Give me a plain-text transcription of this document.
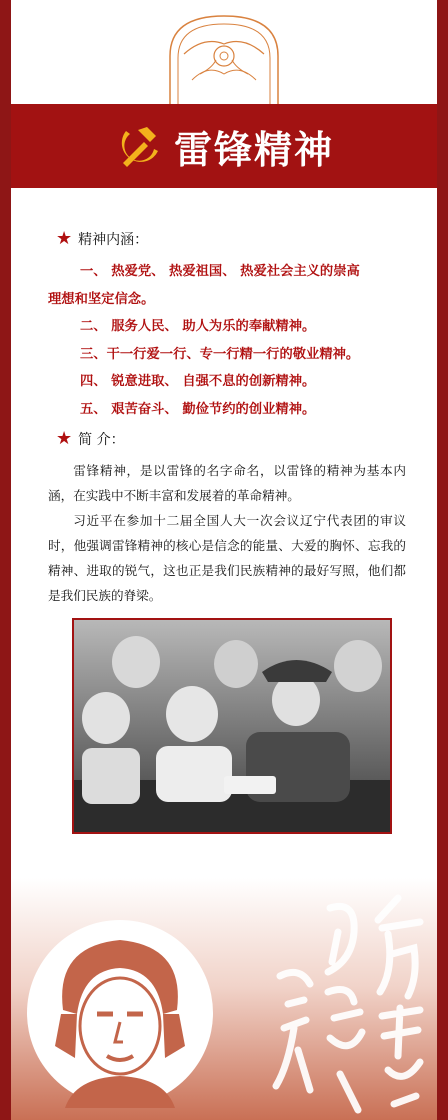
雷锋精神
★ 精神内涵：
一、 热爱党、 热爱祖国、 热爱社会主义的崇高
理想和坚定信念。
二、 服务人民、 助人为乐的奉献精神。
三、干一行爱一行、专一行精一行的敬业精神。
四、 锐意进取、 自强不息的创新精神。
五、 艰苦奋斗、 勤俭节约的创业精神。
★ 简 介：

雷锋精神，是以雷锋的名字命名，以雷锋的精神为基本内涵，在实践中不断丰富和发展着的革命精神。

习近平在参加十二届全国人大一次会议辽宁代表团的审议时，他强调雷锋精神的核心是信念的能量、大爱的胸怀、忘我的精神、进取的锐气，这也正是我们民族精神的最好写照，他们都是我们民族的脊梁。
